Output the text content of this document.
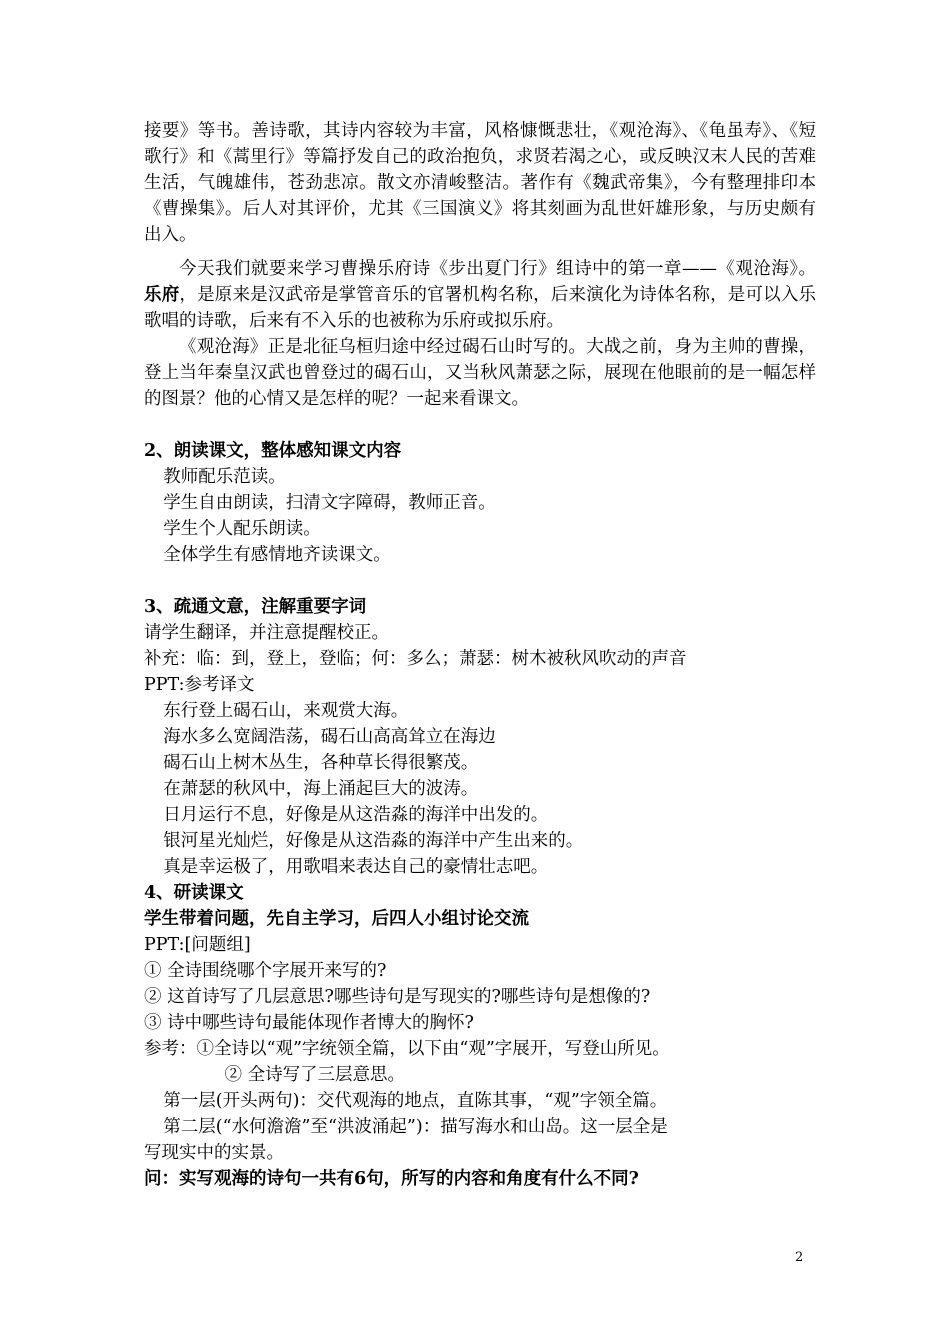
接要》等书。善诗歌，其诗内容较为丰富，风格慷慨悲壮，《观沧海》、《龟虽寿》、《短歌行》和《蒿里行》等篇抒发自己的政治抱负，求贤若渴之心，或反映汉末人民的苦难生活，气魄雄伟，苍劲悲凉。散文亦清峻整洁。著作有《魏武帝集》，今有整理排印本《曹操集》。后人对其评价，尤其《三国演义》将其刻画为乱世奸雄形象，与历史颇有出入。

今天我们就要来学习曹操乐府诗《步出夏门行》组诗中的第一章——《观沧海》。乐府，是原来是汉武帝是掌管音乐的官署机构名称，后来演化为诗体名称，是可以入乐歌唱的诗歌，后来有不入乐的也被称为乐府或拟乐府。

《观沧海》正是北征乌桓归途中经过碣石山时写的。大战之前，身为主帅的曹操，登上当年秦皇汉武也曾登过的碣石山，又当秋风萧瑟之际，展现在他眼前的是一幅怎样的图景？他的心情又是怎样的呢？一起来看课文。

2、朗读课文，整体感知课文内容

教师配乐范读。

学生自由朗读，扫清文字障碍，教师正音。

学生个人配乐朗读。

全体学生有感情地齐读课文。

3、疏通文意，注解重要字词

请学生翻译，并注意提醒校正。

补充：临：到，登上，登临；何：多么；萧瑟：树木被秋风吹动的声音

PPT:参考译文

东行登上碣石山，来观赏大海。

海水多么宽阔浩荡，碣石山高高耸立在海边

碣石山上树木丛生，各种草长得很繁茂。

在萧瑟的秋风中，海上涌起巨大的波涛。

日月运行不息，好像是从这浩淼的海洋中出发的。

银河星光灿烂，好像是从这浩淼的海洋中产生出来的。

真是幸运极了，用歌唱来表达自己的豪情壮志吧。

4、研读课文

学生带着问题，先自主学习，后四人小组讨论交流

PPT:[问题组]

① 全诗围绕哪个字展开来写的?

② 这首诗写了几层意思?哪些诗句是写现实的?哪些诗句是想像的?

③ 诗中哪些诗句最能体现作者博大的胸怀?

参考：①全诗以“观”字统领全篇，以下由“观”字展开，写登山所见。

② 全诗写了三层意思。

第一层(开头两句)：交代观海的地点，直陈其事，“观”字领全篇。

第二层(“水何澹澹”至“洪波涌起”)：描写海水和山岛。这一层全是

写现实中的实景。

问：实写观海的诗句一共有6句，所写的内容和角度有什么不同?

2
